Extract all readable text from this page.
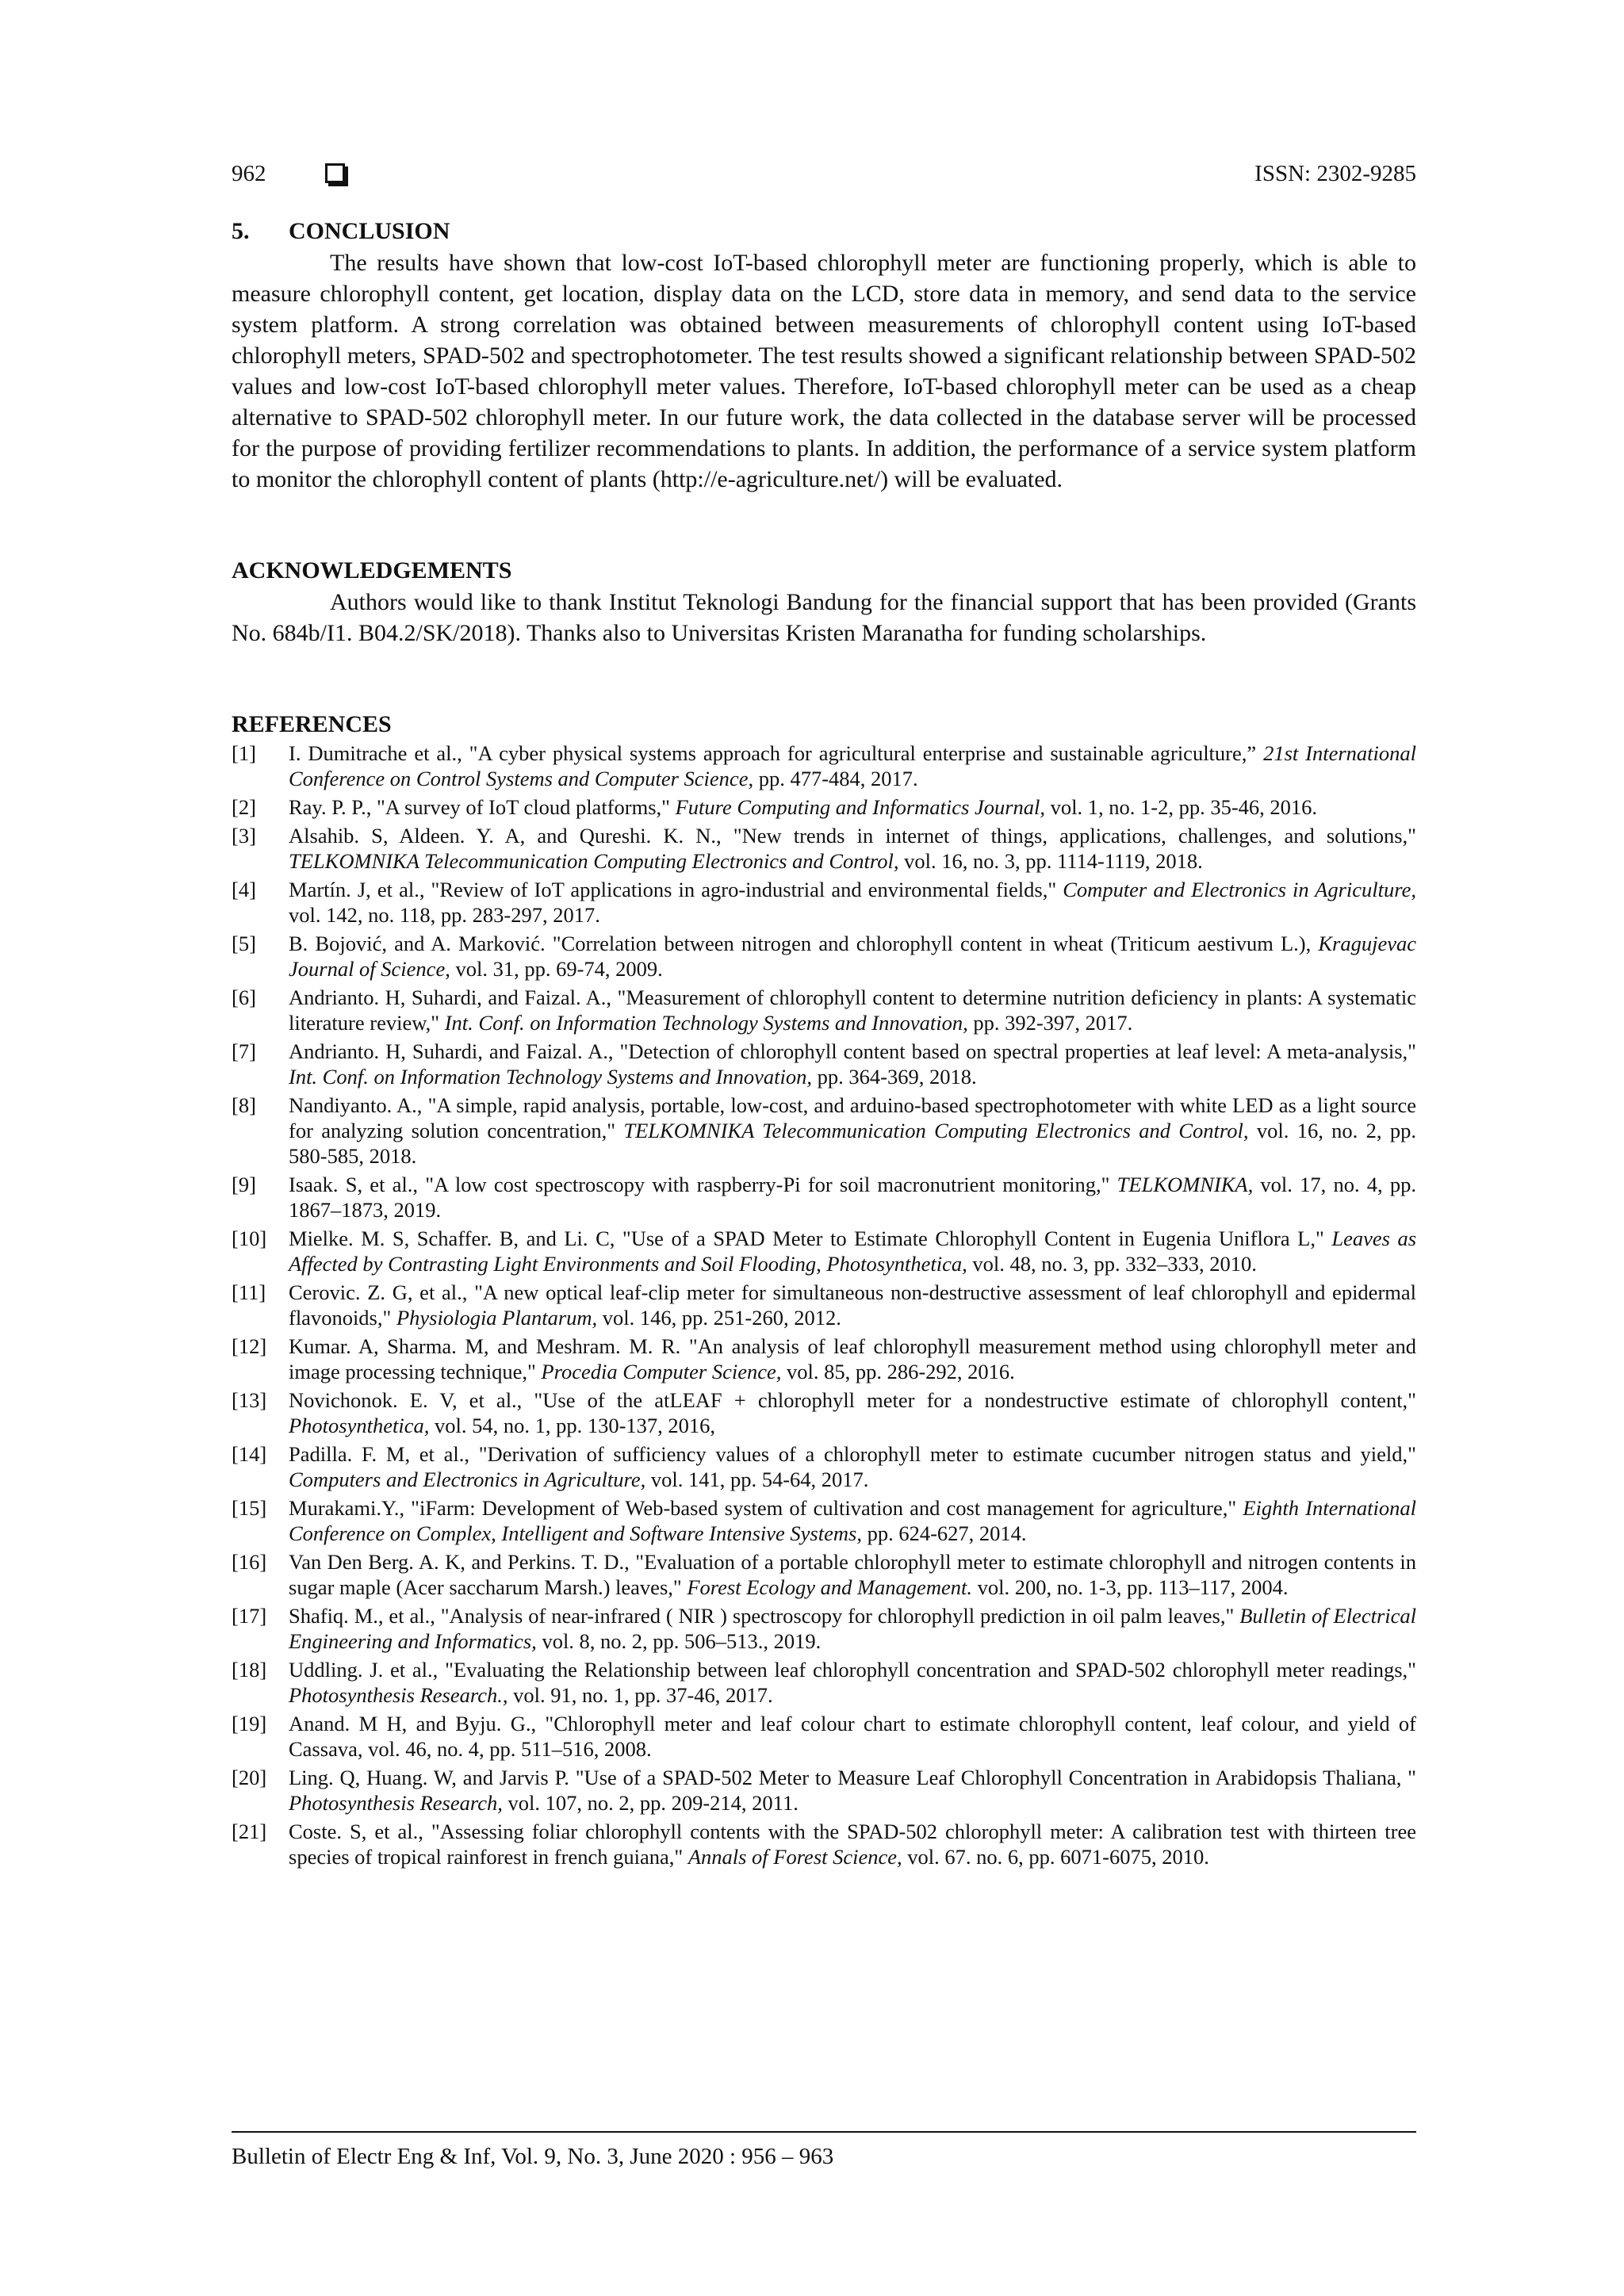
962	ISSN: 2302-9285
5. CONCLUSION

The results have shown that low-cost IoT-based chlorophyll meter are functioning properly, which is able to measure chlorophyll content, get location, display data on the LCD, store data in memory, and send data to the service system platform. A strong correlation was obtained between measurements of chlorophyll content using IoT-based chlorophyll meters, SPAD-502 and spectrophotometer. The test results showed a significant relationship between SPAD-502 values and low-cost IoT-based chlorophyll meter values. Therefore, IoT-based chlorophyll meter can be used as a cheap alternative to SPAD-502 chlorophyll meter. In our future work, the data collected in the database server will be processed for the purpose of providing fertilizer recommendations to plants. In addition, the performance of a service system platform to monitor the chlorophyll content of plants (http://e-agriculture.net/) will be evaluated.

ACKNOWLEDGEMENTS

Authors would like to thank Institut Teknologi Bandung for the financial support that has been provided (Grants No. 684b/I1. B04.2/SK/2018). Thanks also to Universitas Kristen Maranatha for funding scholarships.

REFERENCES
[1] I. Dumitrache et al., "A cyber physical systems approach for agricultural enterprise and sustainable agriculture,” 21st International Conference on Control Systems and Computer Science, pp. 477-484, 2017.
[2] Ray. P. P., "A survey of IoT cloud platforms," Future Computing and Informatics Journal, vol. 1, no. 1-2, pp. 35-46, 2016.
[3] Alsahib. S, Aldeen. Y. A, and Qureshi. K. N., "New trends in internet of things, applications, challenges, and solutions," TELKOMNIKA Telecommunication Computing Electronics and Control, vol. 16, no. 3, pp. 1114-1119, 2018.
[4] Martín. J, et al., "Review of IoT applications in agro-industrial and environmental fields," Computer and Electronics in Agriculture, vol. 142, no. 118, pp. 283-297, 2017.
[5] B. Bojović, and A. Marković. "Correlation between nitrogen and chlorophyll content in wheat (Triticum aestivum L.), Kragujevac Journal of Science, vol. 31, pp. 69-74, 2009.
[6] Andrianto. H, Suhardi, and Faizal. A., "Measurement of chlorophyll content to determine nutrition deficiency in plants: A systematic literature review," Int. Conf. on Information Technology Systems and Innovation, pp. 392-397, 2017.
[7] Andrianto. H, Suhardi, and Faizal. A., "Detection of chlorophyll content based on spectral properties at leaf level: A meta-analysis," Int. Conf. on Information Technology Systems and Innovation, pp. 364-369, 2018.
[8] Nandiyanto. A., "A simple, rapid analysis, portable, low-cost, and arduino-based spectrophotometer with white LED as a light source for analyzing solution concentration," TELKOMNIKA Telecommunication Computing Electronics and Control, vol. 16, no. 2, pp. 580-585, 2018.
[9] Isaak. S, et al., "A low cost spectroscopy with raspberry-Pi for soil macronutrient monitoring," TELKOMNIKA, vol. 17, no. 4, pp. 1867–1873, 2019.
[10] Mielke. M. S, Schaffer. B, and Li. C, "Use of a SPAD Meter to Estimate Chlorophyll Content in Eugenia Uniflora L," Leaves as Affected by Contrasting Light Environments and Soil Flooding, Photosynthetica, vol. 48, no. 3, pp. 332–333, 2010.
[11] Cerovic. Z. G, et al., "A new optical leaf-clip meter for simultaneous non-destructive assessment of leaf chlorophyll and epidermal flavonoids," Physiologia Plantarum, vol. 146, pp. 251-260, 2012.
[12] Kumar. A, Sharma. M, and Meshram. M. R. "An analysis of leaf chlorophyll measurement method using chlorophyll meter and image processing technique," Procedia Computer Science, vol. 85, pp. 286-292, 2016.
[13] Novichonok. E. V, et al., "Use of the atLEAF + chlorophyll meter for a nondestructive estimate of chlorophyll content," Photosynthetica, vol. 54, no. 1, pp. 130-137, 2016,
[14] Padilla. F. M, et al., "Derivation of sufficiency values of a chlorophyll meter to estimate cucumber nitrogen status and yield," Computers and Electronics in Agriculture, vol. 141, pp. 54-64, 2017.
[15] Murakami.Y., "iFarm: Development of Web-based system of cultivation and cost management for agriculture," Eighth International Conference on Complex, Intelligent and Software Intensive Systems, pp. 624-627, 2014.
[16] Van Den Berg. A. K, and Perkins. T. D., "Evaluation of a portable chlorophyll meter to estimate chlorophyll and nitrogen contents in sugar maple (Acer saccharum Marsh.) leaves," Forest Ecology and Management. vol. 200, no. 1-3, pp. 113–117, 2004.
[17] Shafiq. M., et al., "Analysis of near-infrared ( NIR ) spectroscopy for chlorophyll prediction in oil palm leaves," Bulletin of Electrical Engineering and Informatics, vol. 8, no. 2, pp. 506–513., 2019.
[18] Uddling. J. et al., "Evaluating the Relationship between leaf chlorophyll concentration and SPAD-502 chlorophyll meter readings," Photosynthesis Research., vol. 91, no. 1, pp. 37-46, 2017.
[19] Anand. M H, and Byju. G., "Chlorophyll meter and leaf colour chart to estimate chlorophyll content, leaf colour, and yield of Cassava, vol. 46, no. 4, pp. 511–516, 2008.
[20] Ling. Q, Huang. W, and Jarvis P. "Use of a SPAD-502 Meter to Measure Leaf Chlorophyll Concentration in Arabidopsis Thaliana, " Photosynthesis Research, vol. 107, no. 2, pp. 209-214, 2011.
[21] Coste. S, et al., "Assessing foliar chlorophyll contents with the SPAD-502 chlorophyll meter: A calibration test with thirteen tree species of tropical rainforest in french guiana," Annals of Forest Science, vol. 67. no. 6, pp. 6071-6075, 2010.
Bulletin of Electr Eng & Inf, Vol. 9, No. 3, June 2020 : 956 – 963
